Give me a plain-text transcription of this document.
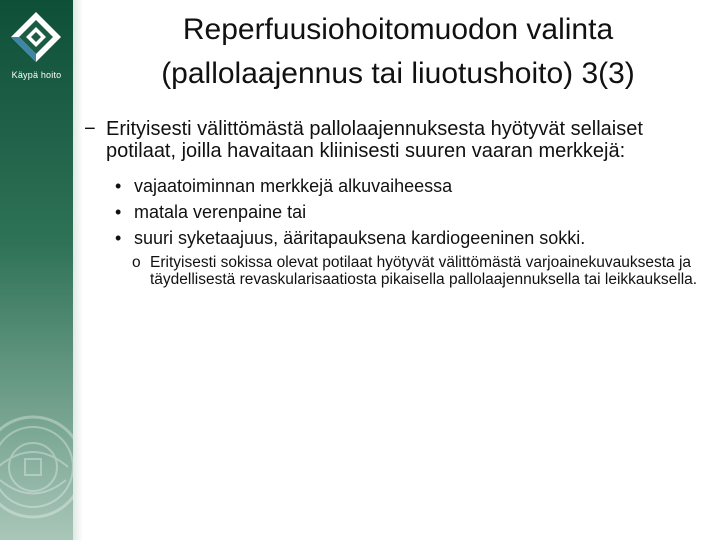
Käypä hoito
Reperfuusiohoitomuodon valinta
(pallolaajennus tai liuotushoito) 3(3)
− Erityisesti välittömästä pallolaajennuksesta hyötyvät sellaiset potilaat, joilla havaitaan kliinisesti suuren vaaran merkkejä:
• vajaatoiminnan merkkejä alkuvaiheessa
• matala verenpaine tai
• suuri syketaajuus, ääritapauksena kardiogeeninen sokki.
o Erityisesti sokissa olevat potilaat hyötyvät välittömästä varjoainekuvauksesta ja täydellisestä revaskularisaatiosta pikaisella pallolaajennuksella tai leikkauksella.
